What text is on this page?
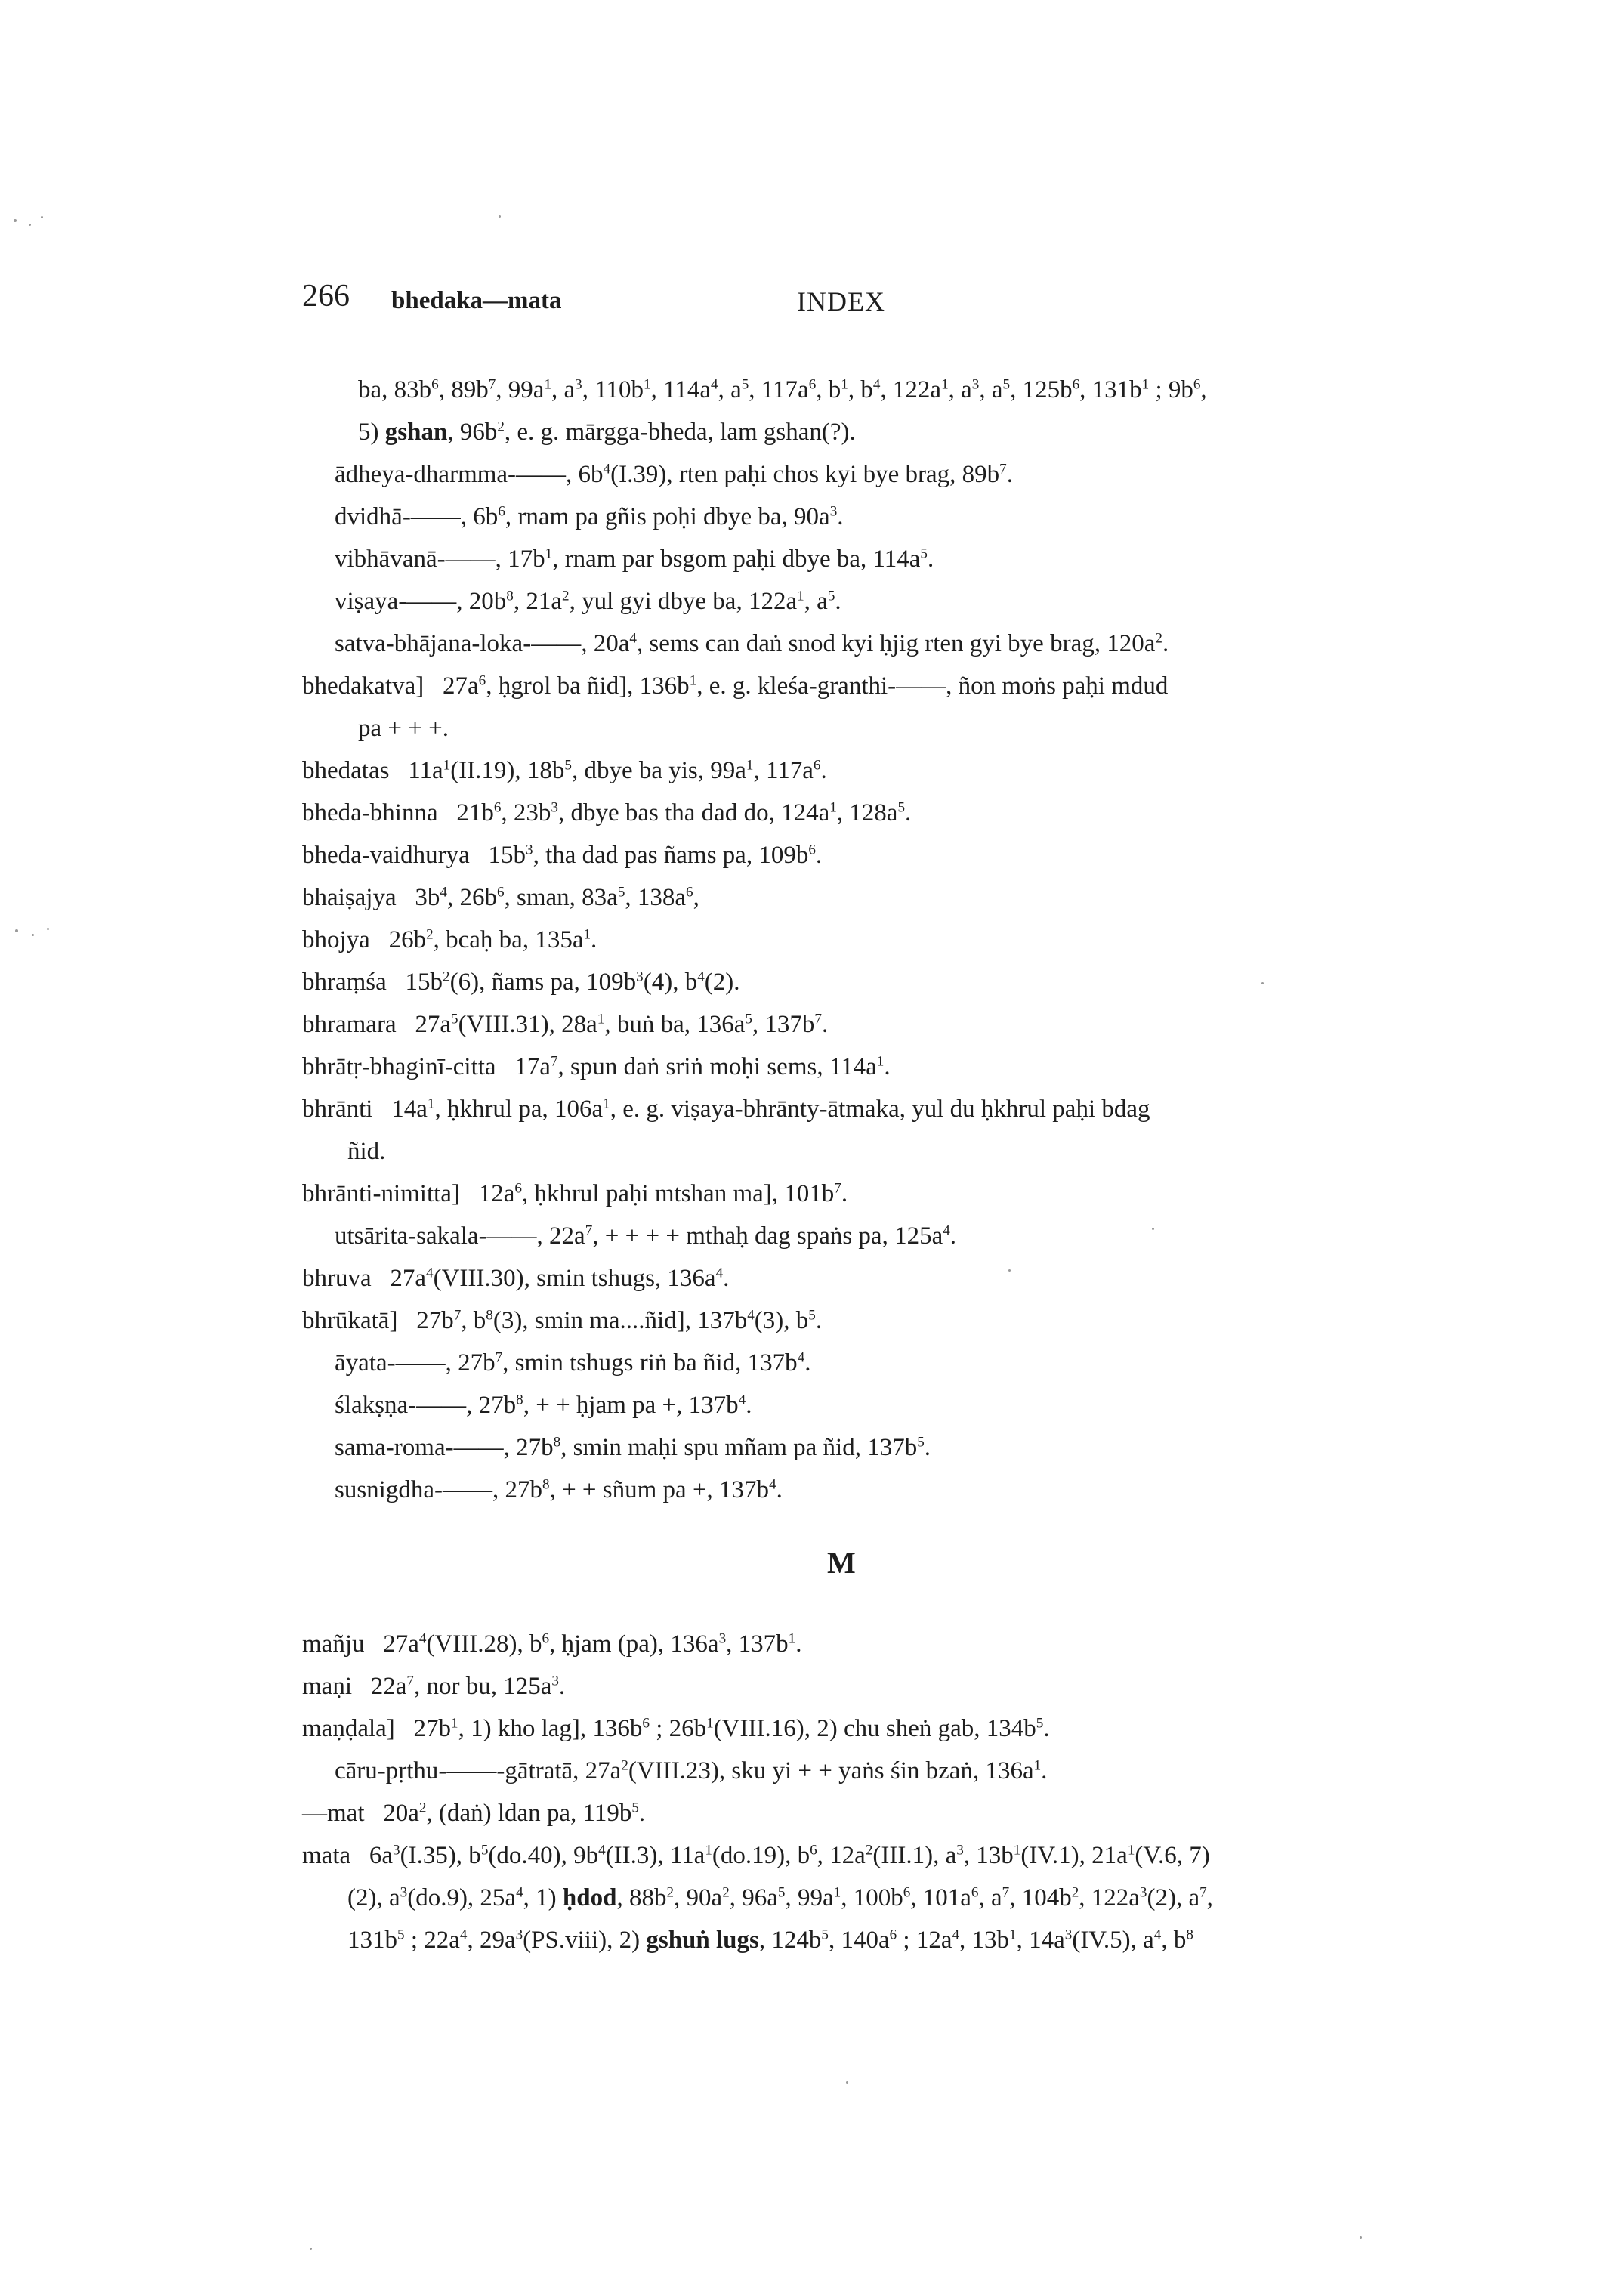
266 bhedaka—mata	INDEX
ba, $83b^6$, $89b^7$, $99a^1$, $a^3$, $110b^1$, $114a^4$, $a^5$, $117a^6$, $b^1$, $b^4$, $122a^1$, $a^3$, $a^5$, $125b^6$, $131b^1$ ; $9b^6$,
5) gshan, $96b^2$, e. g. mārgga-bheda, lam gshan(?).
ādheya-dharmma-——, $6b^4(I.39)$, rten paḥi chos kyi bye brag, $89b^7$.
dvidhā-——, $6b^6$, rnam pa gñis poḥi dbye ba, $90a^3$.
vibhāvanā-——, $17b^1$, rnam par bsgom paḥi dbye ba, $114a^5$.
viṣaya-——, $20b^8$, $21a^2$, yul gyi dbye ba, $122a^1$, $a^5$.
satva-bhājana-loka-——, $20a^4$, sems can daṅ snod kyi ḥjig rten gyi bye brag, $120a^2$.
bhedakatva]   $27a^6$, ḥgrol ba ñid], $136b^1$, e. g. kleśa-granthi-——, ñon moṅs paḥi mdud
pa + + +.
bhedatas   $11a^1(II.19)$, $18b^5$, dbye ba yis, $99a^1$, $117a^6$.
bheda-bhinna   $21b^6$, $23b^3$, dbye bas tha dad do, $124a^1$, $128a^5$.
bheda-vaidhurya   $15b^3$, tha dad pas ñams pa, $109b^6$.
bhaiṣajya   $3b^4$, $26b^6$, sman, $83a^5$, $138a^6$,
bhojya   $26b^2$, bcaḥ ba, $135a^1$.
bhraṃśa   $15b^2(6)$, ñams pa, $109b^3(4)$, $b^4(2)$.
bhramara   $27a^5(VIII.31)$, $28a^1$, buṅ ba, $136a^5$, $137b^7$.
bhrātṛ-bhaginī-citta   $17a^7$, spun daṅ sriṅ moḥi sems, $114a^1$.
bhrānti   $14a^1$, ḥkhrul pa, $106a^1$, e. g. viṣaya-bhrānty-ātmaka, yul du ḥkhrul paḥi bdag
ñid.
bhrānti-nimitta]   $12a^6$, ḥkhrul paḥi mtshan ma], $101b^7$.
utsārita-sakala-——, $22a^7$, + + + + mthaḥ dag spaṅs pa, $125a^4$.
bhruva   $27a^4(VIII.30)$, smin tshugs, $136a^4$.
bhrūkatā]   $27b^7$, $b^8(3)$, smin ma....ñid], $137b^4(3)$, $b^5$.
āyata-——, $27b^7$, smin tshugs riṅ ba ñid, $137b^4$.
ślakṣṇa-——, $27b^8$, + + ḥjam pa +, $137b^4$.
sama-roma-——, $27b^8$, smin maḥi spu mñam pa ñid, $137b^5$.
susnigdha-——, $27b^8$, + + sñum pa +, $137b^4$.
M
mañju   $27a^4(VIII.28)$, $b^6$, ḥjam (pa), $136a^3$, $137b^1$.
maṇi   $22a^7$, nor bu, $125a^3$.
maṇḍala]   $27b^1$, 1) kho lag], $136b^6$ ; $26b^1(VIII.16)$, 2) chu sheṅ gab, $134b^5$.
cāru-pṛthu-——-gātratā, $27a^2(VIII.23)$, sku yi + + yaṅs śin bzaṅ, $136a^1$.
—mat   $20a^2$, (daṅ) ldan pa, $119b^5$.
mata   $6a^3(I.35)$, $b^5(do.40)$, $9b^4(II.3)$, $11a^1(do.19)$, $b^6$, $12a^2(III.1)$, $a^3$, $13b^1(IV.1)$, $21a^1(V.6$, 7)
(2), $a^3(do.9)$, $25a^4$, 1) ḥdod, $88b^2$, $90a^2$, $96a^5$, $99a^1$, $100b^6$, $101a^6$, $a^7$, $104b^2$, $122a^3(2)$, $a^7$,
$131b^5$ ; $22a^4$, $29a^3(PS.viii)$, 2) gshuṅ lugs, $124b^5$, $140a^6$ ; $12a^4$, $13b^1$, $14a^3(IV.5)$, $a^4$, $b^8$
